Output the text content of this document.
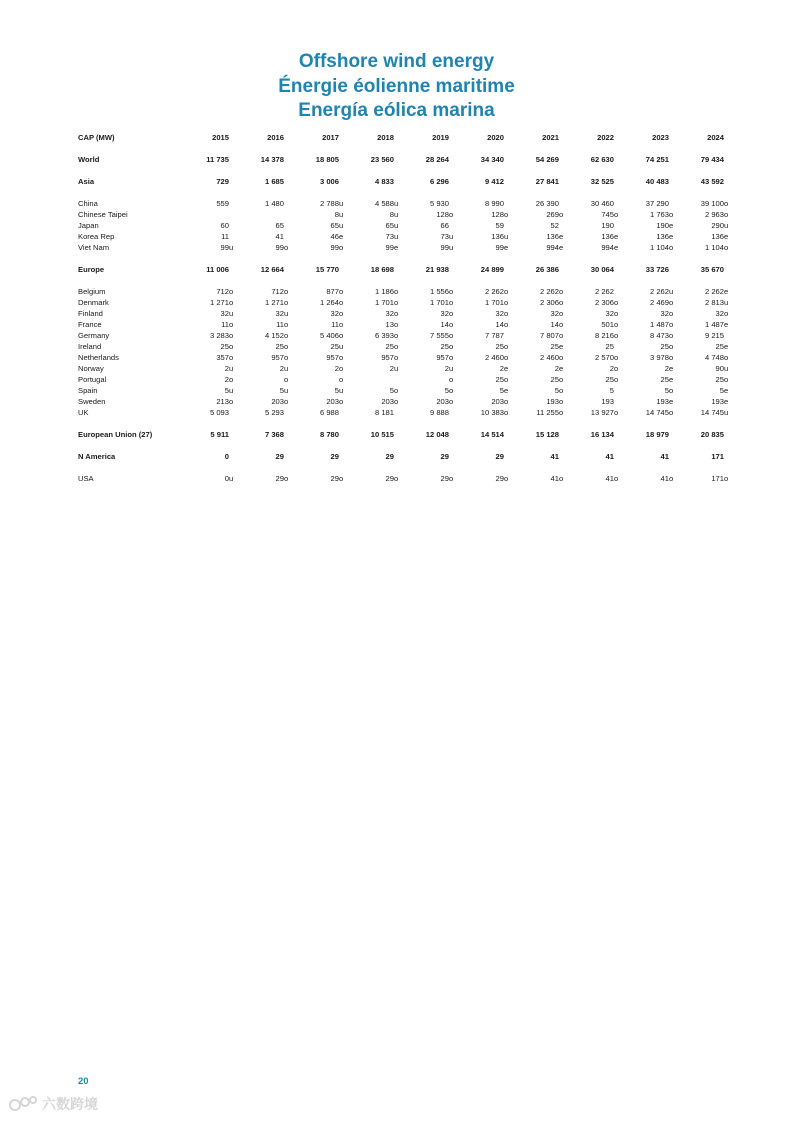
Offshore wind energy
Énergie éolienne maritime
Energía eólica marina
CAP (MW)	2015		2016		2017		2018		2019		2020		2021		2022		2023		2024	

World	11 735		14 378		18 805		23 560		28 264		34 340		54 269		62 630		74 251		79 434	

Asia	729		1 685		3 006		4 833		6 296		9 412		27 841		32 525		40 483		43 592	

China	559		1 480		2 788	u	4 588	u	5 930		8 990		26 390		30 460		37 290		39 100	o
Chinese Taipei					8	u	8	u	128	o	128	o	269	o	745	o	1 763	o	2 963	o
Japan	60		65		65	u	65	u	66		59		52		190		190	e	290	u
Korea Rep	11		41		46	e	73	u	73	u	136	u	136	e	136	e	136	e	136	e
Viet Nam	99	u	99	o	99	o	99	e	99	u	99	e	994	e	994	e	1 104	o	1 104	o

Europe	11 006		12 664		15 770		18 698		21 938		24 899		26 386		30 064		33 726		35 670	

Belgium	712	o	712	o	877	o	1 186	o	1 556	o	2 262	o	2 262	o	2 262		2 262	u	2 262	e
Denmark	1 271	o	1 271	o	1 264	o	1 701	o	1 701	o	1 701	o	2 306	o	2 306	o	2 469	o	2 813	u
Finland	32	u	32	u	32	o	32	o	32	o	32	o	32	o	32	o	32	o	32	o
France	11	o	11	o	11	o	13	o	14	o	14	o	14	o	501	o	1 487	o	1 487	e
Germany	3 283	o	4 152	o	5 406	o	6 393	o	7 555	o	7 787		7 807	o	8 216	o	8 473	o	9 215	
Ireland	25	o	25	o	25	u	25	o	25	o	25	o	25	e	25		25	o	25	e
Netherlands	357	o	957	o	957	o	957	o	957	o	2 460	o	2 460	o	2 570	o	3 978	o	4 748	o
Norway	2	u	2	u	2	o	2	u	2	u	2	e	2	e	2	o	2	e	90	u
Portugal	2	o		o		o				o	25	o	25	o	25	o	25	e	25	o
Spain	5	u	5	u	5	u	5	o	5	o	5	e	5	o	5		5	o	5	e
Sweden	213	o	203	o	203	o	203	o	203	o	203	o	193	o	193		193	e	193	e
UK	5 093		5 293		6 988		8 181		9 888		10 383	o	11 255	o	13 927	o	14 745	o	14 745	u

European Union (27)	5 911		7 368		8 780		10 515		12 048		14 514		15 128		16 134		18 979		20 835	

N America	0		29		29		29		29		29		41		41		41		171	

USA	0	u	29	o	29	o	29	o	29	o	29	o	41	o	41	o	41	o	171	o

20
六数跨境
